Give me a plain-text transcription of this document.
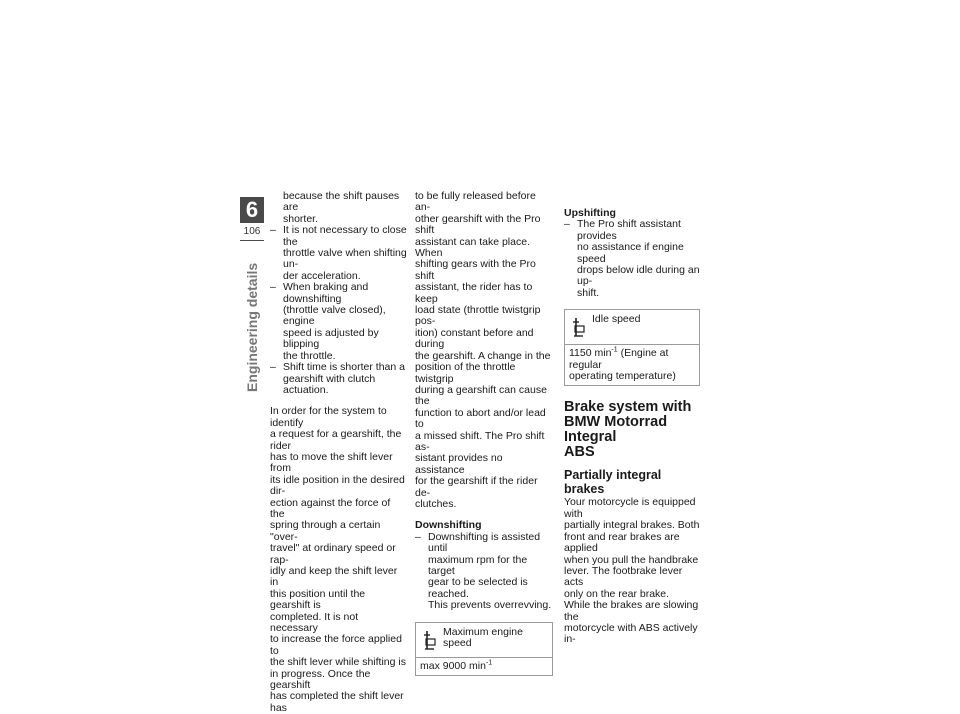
6
106
Engineering details

because the shift pauses are

shorter.

– It is not necessary to close the

throttle valve when shifting un-

der acceleration.

– When braking and downshifting

(throttle valve closed), engine

speed is adjusted by blipping

the throttle.

– Shift time is shorter than a

gearshift with clutch actuation.

In order for the system to identify

a request for a gearshift, the rider

has to move the shift lever from

its idle position in the desired dir-

ection against the force of the

spring through a certain "over-

travel" at ordinary speed or rap-

idly and keep the shift lever in

this position until the gearshift is

completed. It is not necessary

to increase the force applied to

the shift lever while shifting is

in progress. Once the gearshift

has completed the shift lever has

to be fully released before an-

other gearshift with the Pro shift

assistant can take place. When

shifting gears with the Pro shift

assistant, the rider has to keep

load state (throttle twistgrip pos-

ition) constant before and during

the gearshift. A change in the

position of the throttle twistgrip

during a gearshift can cause the

function to abort and/or lead to

a missed shift. The Pro shift as-

sistant provides no assistance

for the gearshift if the rider de-

clutches.

Downshifting

– Downshifting is assisted until

maximum rpm for the target

gear to be selected is reached.

This prevents overrevving.

Maximum engine speed
max 9000 $\min^{-1}$

Upshifting

– The Pro shift assistant provides

no assistance if engine speed

drops below idle during an up-

shift.

Idle speed

1150 $\min^{-1}$ (Engine at regular

operating temperature)

Brake system with

BMW Motorrad Integral

ABS

Partially integral brakes

Your motorcycle is equipped with

partially integral brakes. Both

front and rear brakes are applied

when you pull the handbrake

lever. The footbrake lever acts

only on the rear brake.

While the brakes are slowing the

motorcycle with ABS actively in-
